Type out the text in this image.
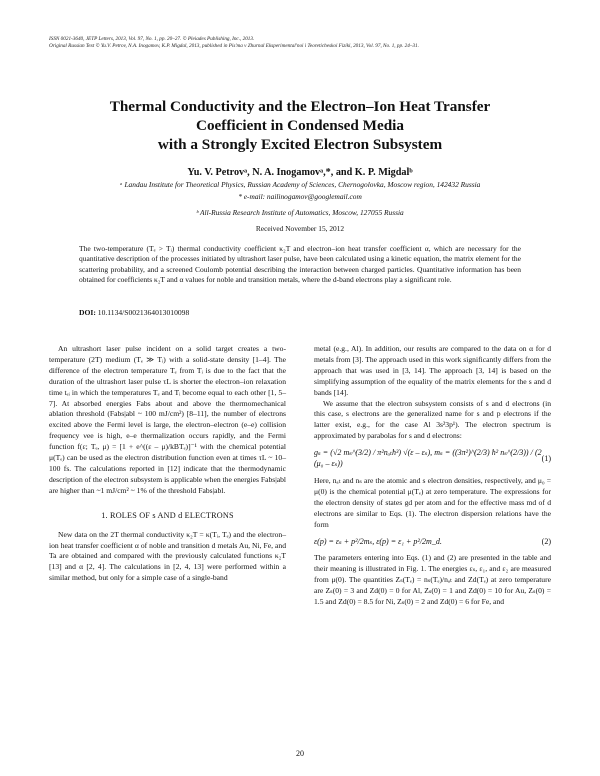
ISSN 0021-3640, JETP Letters, 2013, Vol. 97, No. 1, pp. 20–27. © Pleiades Publishing, Inc., 2013.
Original Russian Text © Yu.V. Petrov, N.A. Inogamov, K.P. Migdal, 2013, published in Pis'ma v Zhurnal Eksperimental'noi i Teoreticheskoi Fiziki, 2013, Vol. 97, No. 1, pp. 24–31.
Thermal Conductivity and the Electron–Ion Heat Transfer
Coefficient in Condensed Media
with a Strongly Excited Electron Subsystem
Yu. V. Petrovᵃ, N. A. Inogamovᵃ,*, and K. P. Migdalᵇ
ᵃ Landau Institute for Theoretical Physics, Russian Academy of Sciences, Chernogolovka, Moscow region, 142432 Russia
* e-mail: nailinogamov@googlemail.com
ᵇ All-Russia Research Institute of Automatics, Moscow, 127055 Russia
Received November 15, 2012
The two-temperature (Tₑ > Tᵢ) thermal conductivity coefficient κ₂T and electron–ion heat transfer coefficient α, which are necessary for the quantitative description of the processes initiated by ultrashort laser pulse, have been calculated using a kinetic equation, the matrix element for the scattering probability, and a screened Coulomb potential describing the interaction between charged particles. Quantitative information has been obtained for coefficients κ₂T and α values for noble and transition metals, where the d-band electrons play a significant role.
DOI: 10.1134/S0021364013010098

An ultrashort laser pulse incident on a solid target creates a two-temperature (2T) medium (Tₑ ≫ Tᵢ) with a solid-state density [1–4]. The difference of the electron temperature Tₑ from Tᵢ is due to the fact that the duration of the ultrashort laser pulse τL is shorter the electron–ion relaxation time tₑᵢ in which the temperatures Tₑ and Tᵢ become equal to each other [1, 5–7]. At absorbed energies Fabs about and above the thermomechanical ablation threshold (Fabs|abl ~ 100 mJ/cm²) [8–11], the number of electrons excited above the Fermi level is large, the electron–electron (e–e) collision frequency νee is high, e–e thermalization occurs rapidly, and the Fermi function f(ε; Tₑ, μ) = [1 + e^((ε – μ)/kBTₑ)]⁻¹ with the chemical potential μ(Tₑ) can be used as the electron distribution function even at times τL ~ 10–100 fs. The calculations reported in [12] indicate that the thermodynamic description of the electron subsystem is applicable when the energies Fabs|abl are higher than ~1 mJ/cm² ~ 1% of the threshold Fabs|abl.

1. ROLES OF s AND d ELECTRONS

New data on the 2T thermal conductivity κ₂T = κ(Tᵢ, Tₑ) and the electron–ion heat transfer coefficient α of noble and transition d metals Au, Ni, Fe, and Ta are obtained and compared with the previously calculated functions κ₂T [13] and α [2, 4]. The calculations in [2, 4, 13] were performed within a similar method, but only for a simple case of a single-band

metal (e.g., Al). In addition, our results are compared to the data on α for d metals from [3]. The approach used in this work significantly differs from the approach that was used in [3, 14]. The approach [3, 14] is based on the simplifying assumption of the equality of the matrix elements for the s and d bands [14].

We assume that the electron subsystem consists of s and d electrons (in this case, s electrons are the generalized name for s and p electrons if the latter exist, e.g., for the case Al 3s²3p¹). The electron spectrum is approximated by parabolas for s and d electrons:

gₛ = (√2 mₛ^(3/2) / π²nₐₜħ³) √(ε – εₛ), mₛ = ((3π²)^(2/3) ħ² nₛ^(2/3)) / (2 (μ₀ – εₛ))
(1)

Here, nₐₜ and nₛ are the atomic and s electron densities, respectively, and μ₀ = μ(0) is the chemical potential μ(Tₑ) at zero temperature. The expressions for the electron density of states gd per atom and for the effective mass md of d electrons are similar to Eqs. (1). The electron dispersion relations have the form

ε(p) = εₛ + p²/2mₛ, ε(p) = ε₁ + p²/2m_d.	(2)

The parameters entering into Eqs. (1) and (2) are presented in the table and their meaning is illustrated in Fig. 1. The energies εₛ, ε₁, and ε₂ are measured from μ(0). The quantities Zₛ(Tₑ) = nₛ(Tₑ)/nₐₜ and Zd(Tₑ) at zero temperature are Zₛ(0) = 3 and Zd(0) = 0 for Al, Zₛ(0) = 1 and Zd(0) = 10 for Au, Zₛ(0) = 1.5 and Zd(0) = 8.5 for Ni, Zₛ(0) = 2 and Zd(0) = 6 for Fe, and

20
